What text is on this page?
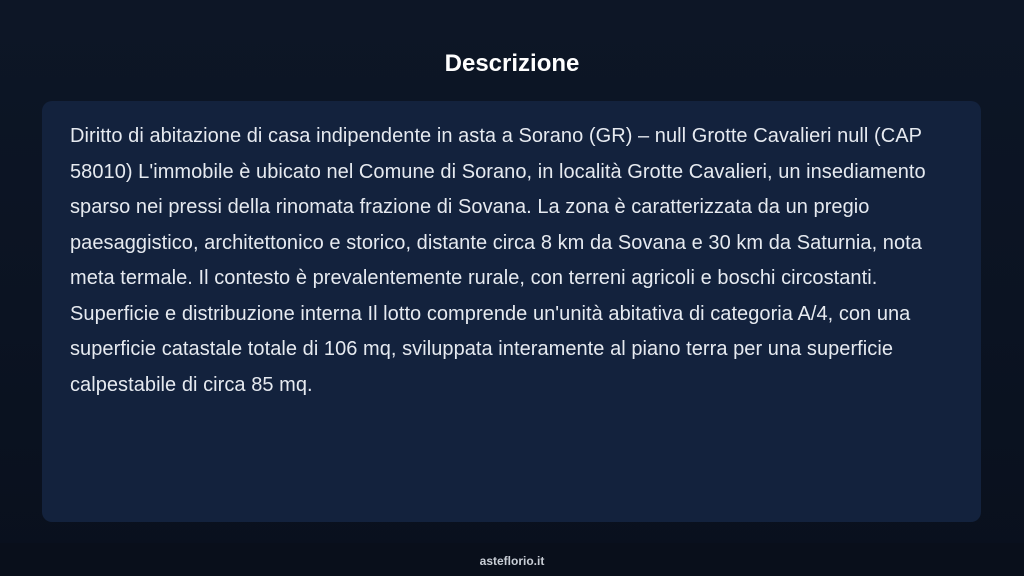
Descrizione

Diritto di abitazione di casa indipendente in asta a Sorano (GR) – null Grotte Cavalieri null (CAP 58010) L'immobile è ubicato nel Comune di Sorano, in località Grotte Cavalieri, un insediamento sparso nei pressi della rinomata frazione di Sovana. La zona è caratterizzata da un pregio paesaggistico, architettonico e storico, distante circa 8 km da Sovana e 30 km da Saturnia, nota meta termale. Il contesto è prevalentemente rurale, con terreni agricoli e boschi circostanti. Superficie e distribuzione interna Il lotto comprende un'unità abitativa di categoria A/4, con una superficie catastale totale di 106 mq, sviluppata interamente al piano terra per una superficie calpestabile di circa 85 mq.

asteflorio.it
